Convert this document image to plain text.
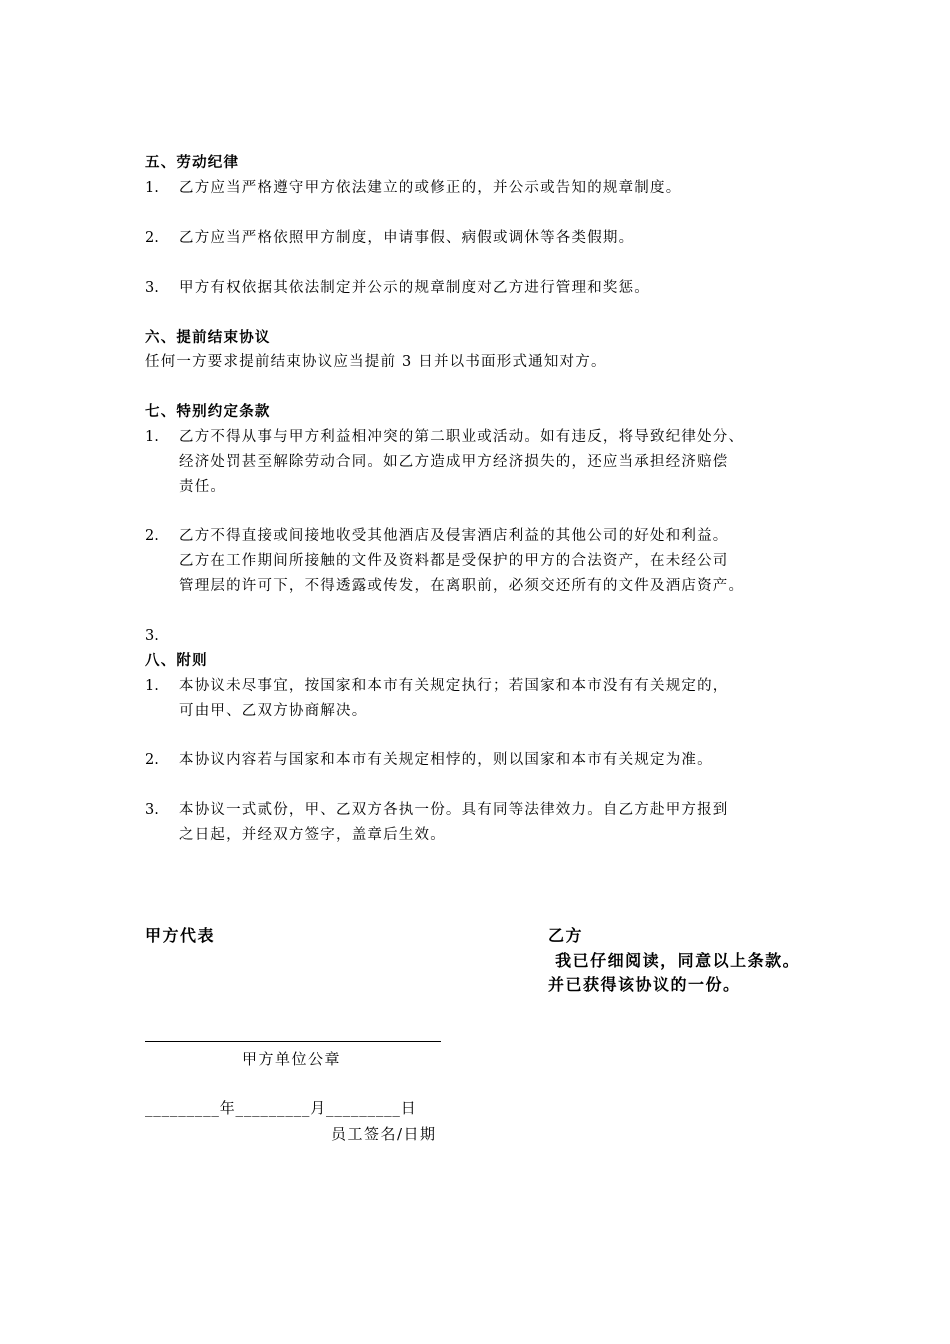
五、劳动纪律
1. 乙方应当严格遵守甲方依法建立的或修正的，并公示或告知的规章制度。
2. 乙方应当严格依照甲方制度，申请事假、病假或调休等各类假期。
3. 甲方有权依据其依法制定并公示的规章制度对乙方进行管理和奖惩。
六、提前结束协议
任何一方要求提前结束协议应当提前 3 日并以书面形式通知对方。
七、特别约定条款
1. 乙方不得从事与甲方利益相冲突的第二职业或活动。如有违反，将导致纪律处分、
经济处罚甚至解除劳动合同。如乙方造成甲方经济损失的，还应当承担经济赔偿
责任。
2. 乙方不得直接或间接地收受其他酒店及侵害酒店利益的其他公司的好处和利益。
乙方在工作期间所接触的文件及资料都是受保护的甲方的合法资产，在未经公司
管理层的许可下，不得透露或传发，在离职前，必须交还所有的文件及酒店资产。
3.
八、附则
1. 本协议未尽事宜，按国家和本市有关规定执行；若国家和本市没有有关规定的，
可由甲、乙双方协商解决。
2. 本协议内容若与国家和本市有关规定相悖的，则以国家和本市有关规定为准。
3. 本协议一式贰份，甲、乙双方各执一份。具有同等法律效力。自乙方赴甲方报到
之日起，并经双方签字，盖章后生效。
甲方代表	乙方
我已仔细阅读，同意以上条款。
并已获得该协议的一份。
甲方单位公章
_________年_________月_________日
员工签名/日期
